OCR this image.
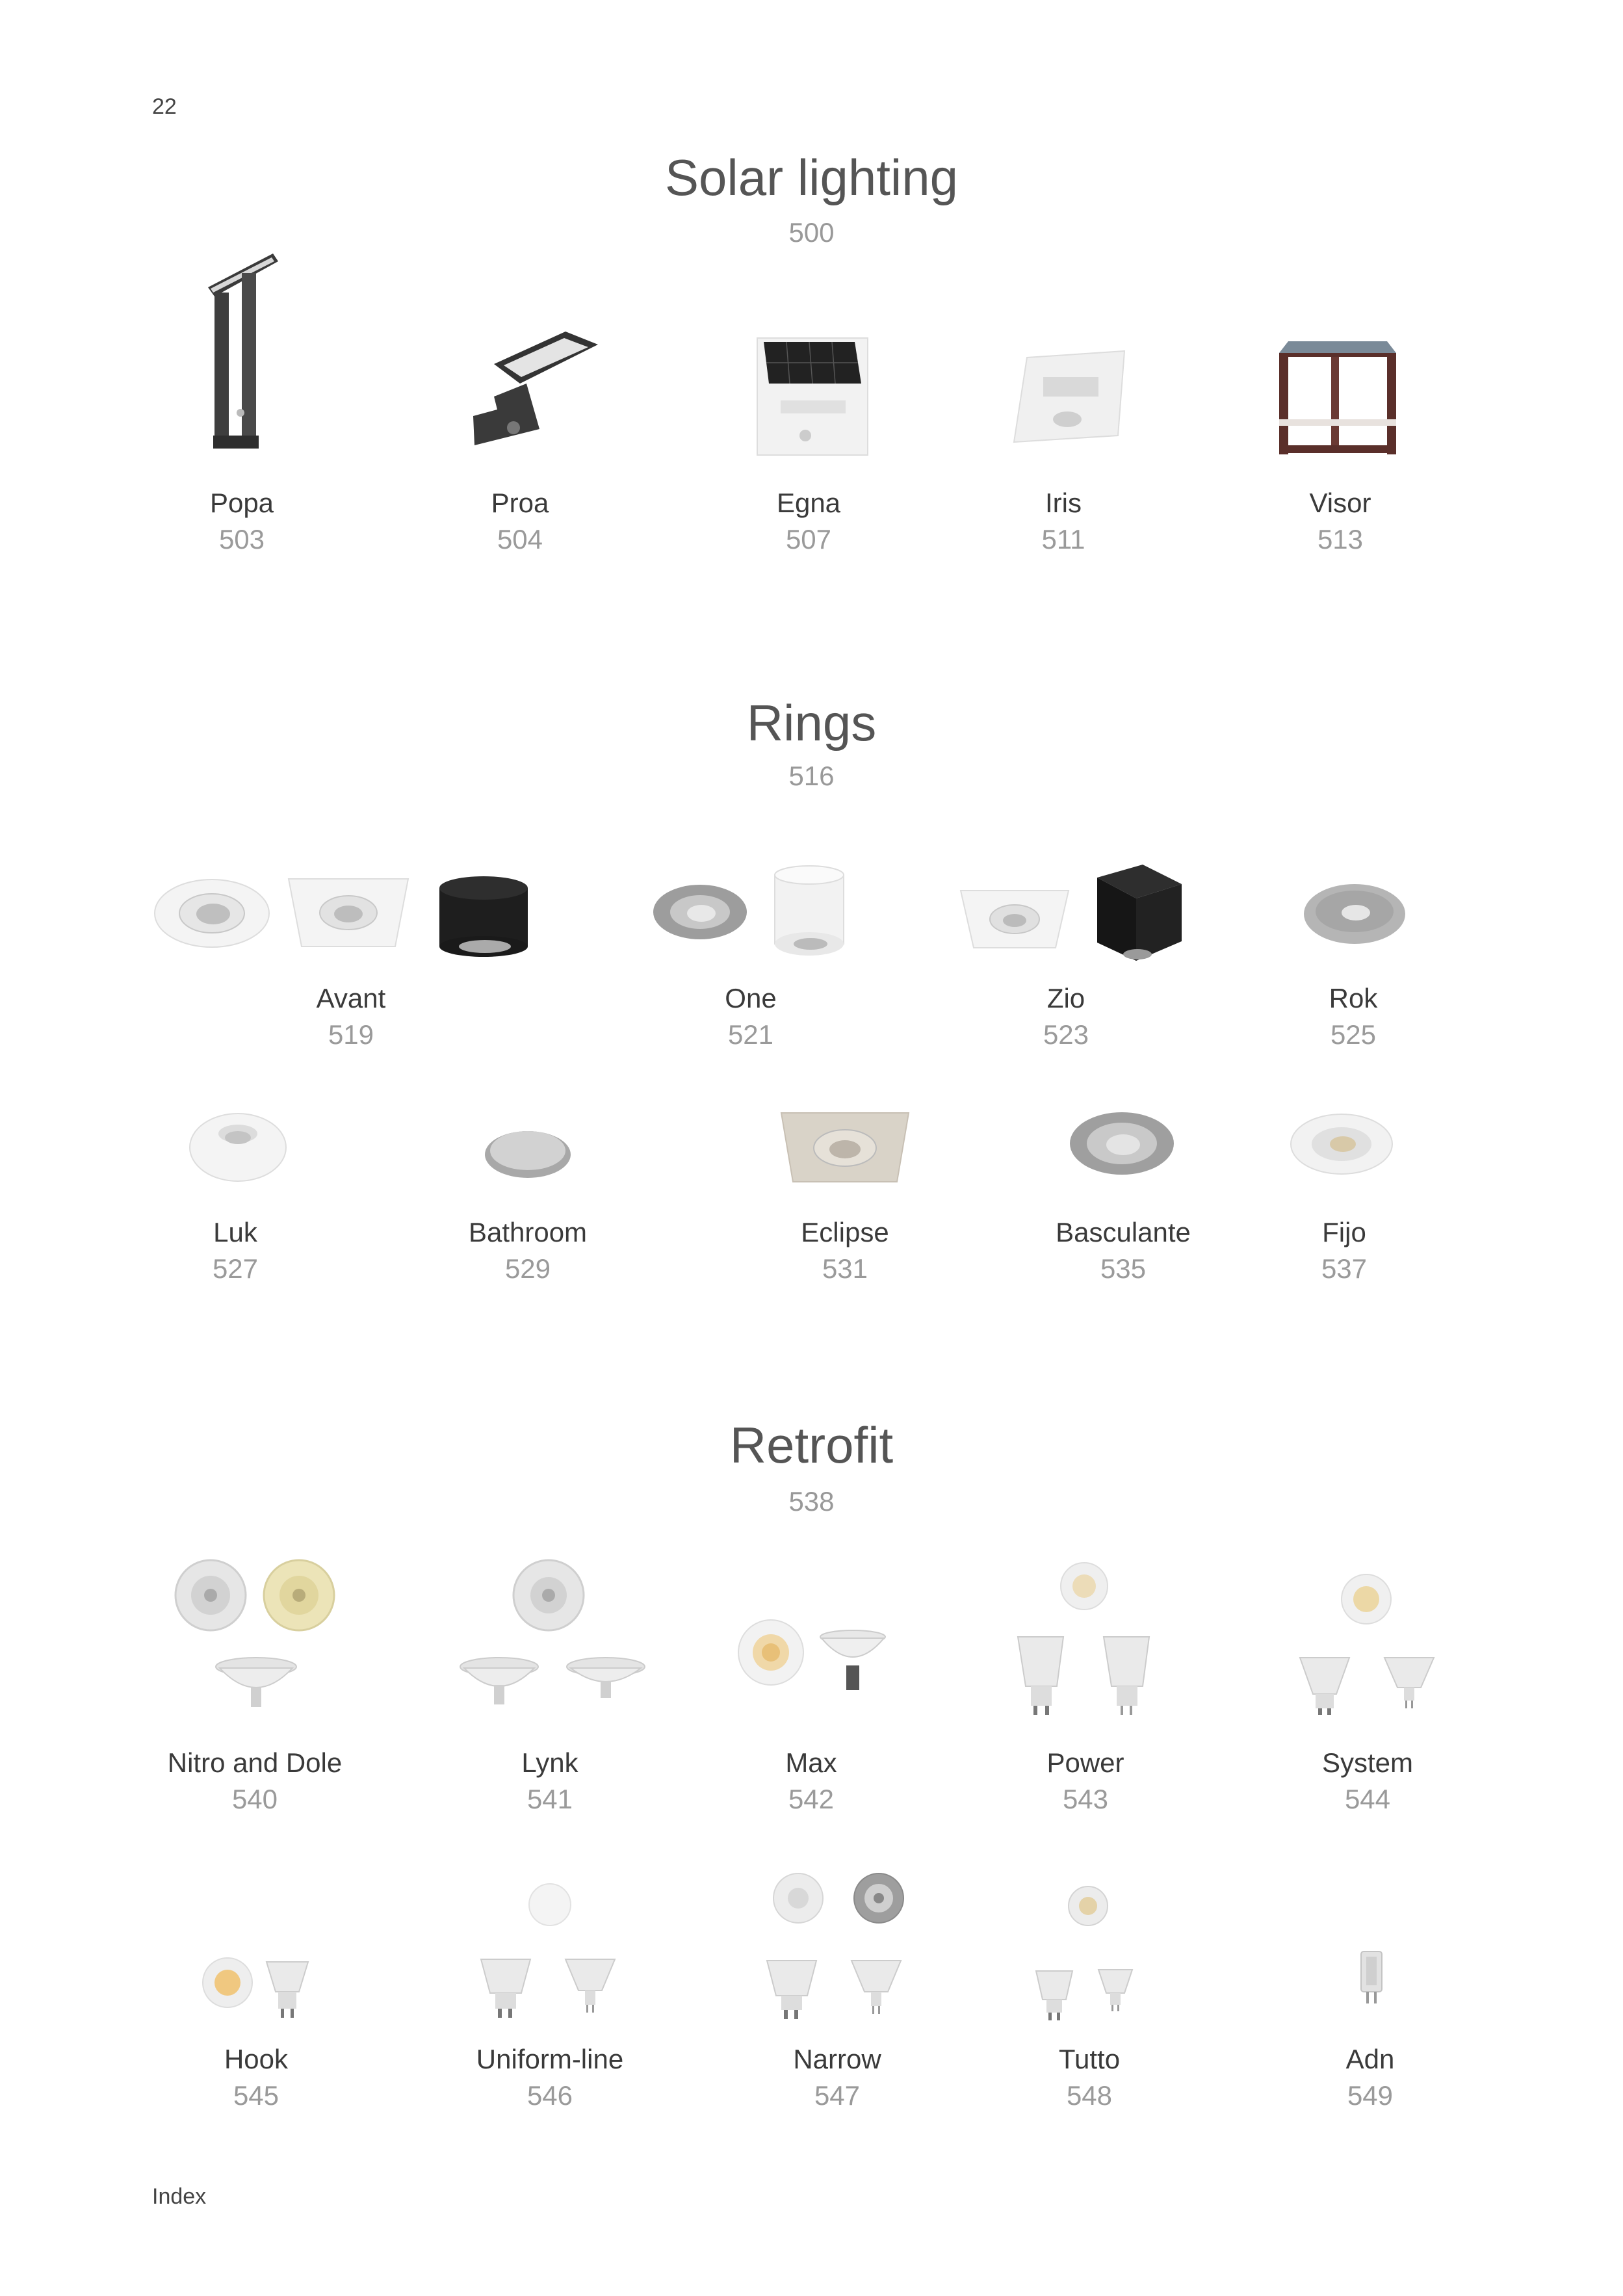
22
Solar lighting
500
Popa
503
Proa
504
Egna
507
Iris
511
Visor
513
Rings
516
Avant
519
One
521
Zio
523
Rok
525
Luk
527
Bathroom
529
Eclipse
531
Basculante
535
Fijo
537
Retrofit
538
Nitro and Dole
540
Lynk
541
Max
542
Power
543
System
544
Hook
545
Uniform-line
546
Narrow
547
Tutto
548
Adn
549
Index
